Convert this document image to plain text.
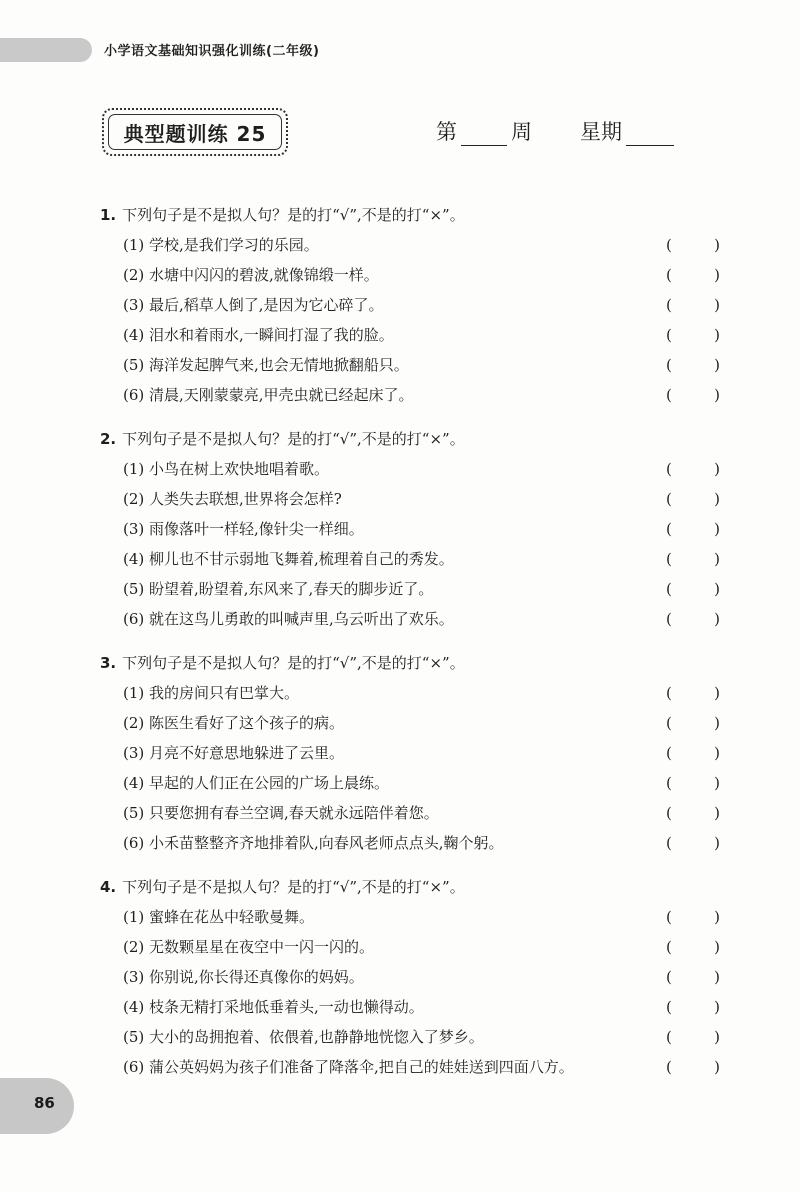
小学语文基础知识强化训练(二年级)
典型题训练 25	第	周 星期
1. 下列句子是不是拟人句？是的打“√”,不是的打“×”。
(1) 学校,是我们学习的乐园。	(	)
(2) 水塘中闪闪的碧波,就像锦缎一样。	(	)
(3) 最后,稻草人倒了,是因为它心碎了。	(	)
(4) 泪水和着雨水,一瞬间打湿了我的脸。	(	)
(5) 海洋发起脾气来,也会无情地掀翻船只。	(	)
(6) 清晨,天刚蒙蒙亮,甲壳虫就已经起床了。	(	)
2. 下列句子是不是拟人句？是的打“√”,不是的打“×”。
(1) 小鸟在树上欢快地唱着歌。	(	)
(2) 人类失去联想,世界将会怎样?	(	)
(3) 雨像落叶一样轻,像针尖一样细。	(	)
(4) 柳儿也不甘示弱地飞舞着,梳理着自己的秀发。	(	)
(5) 盼望着,盼望着,东风来了,春天的脚步近了。	(	)
(6) 就在这鸟儿勇敢的叫喊声里,乌云听出了欢乐。	(	)
3. 下列句子是不是拟人句？是的打“√”,不是的打“×”。
(1) 我的房间只有巴掌大。	(	)
(2) 陈医生看好了这个孩子的病。	(	)
(3) 月亮不好意思地躲进了云里。	(	)
(4) 早起的人们正在公园的广场上晨练。	(	)
(5) 只要您拥有春兰空调,春天就永远陪伴着您。	(	)
(6) 小禾苗整整齐齐地排着队,向春风老师点点头,鞠个躬。	(	)
4. 下列句子是不是拟人句？是的打“√”,不是的打“×”。
(1) 蜜蜂在花丛中轻歌曼舞。	(	)
(2) 无数颗星星在夜空中一闪一闪的。	(	)
(3) 你别说,你长得还真像你的妈妈。	(	)
(4) 枝条无精打采地低垂着头,一动也懒得动。	(	)
(5) 大小的岛拥抱着、依偎着,也静静地恍惚入了梦乡。	(	)
(6) 蒲公英妈妈为孩子们准备了降落伞,把自己的娃娃送到四面八方。	(	)
86
